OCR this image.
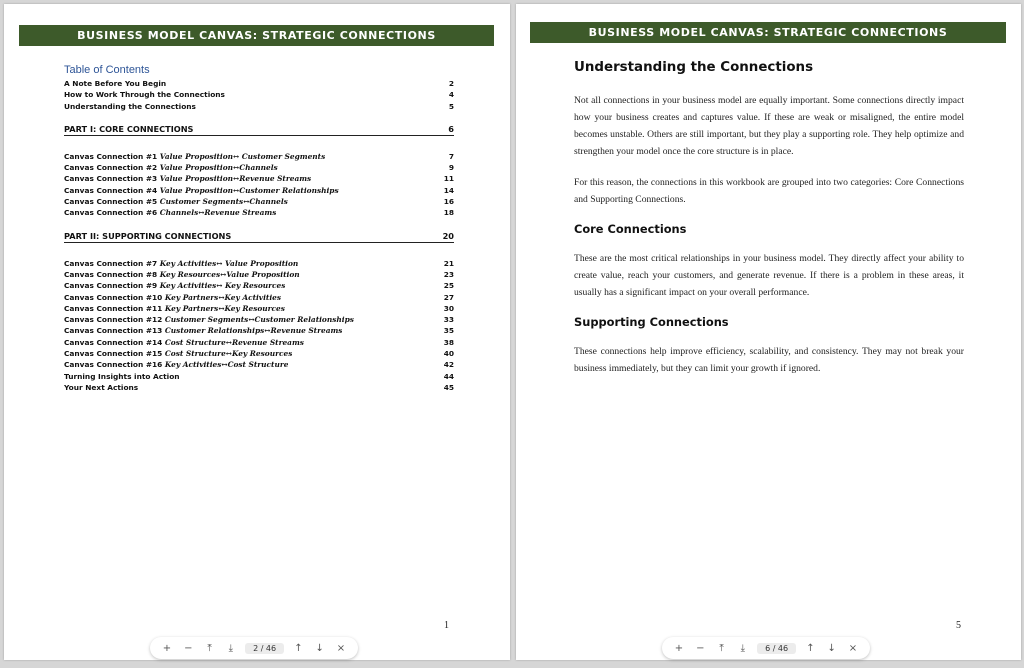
BUSINESS MODEL CANVAS: STRATEGIC CONNECTIONS
Table of Contents
A Note Before You Begin	2
How to Work Through the Connections	4
Understanding the Connections	5
PART I: CORE CONNECTIONS	6
Canvas Connection #1 Value Proposition↔ Customer Segments	7
Canvas Connection #2 Value Proposition↔Channels	9
Canvas Connection #3 Value Proposition↔Revenue Streams	11
Canvas Connection #4 Value Proposition↔Customer Relationships	14
Canvas Connection #5 Customer Segments↔Channels	16
Canvas Connection #6 Channels↔Revenue Streams	18
PART II: SUPPORTING CONNECTIONS	20
Canvas Connection #7 Key Activities↔ Value Proposition	21
Canvas Connection #8 Key Resources↔Value Proposition	23
Canvas Connection #9 Key Activities↔ Key Resources	25
Canvas Connection #10 Key Partners↔Key Activities	27
Canvas Connection #11 Key Partners↔Key Resources	30
Canvas Connection #12 Customer Segments↔Customer Relationships	33
Canvas Connection #13 Customer Relationships↔Revenue Streams	35
Canvas Connection #14 Cost Structure↔Revenue Streams	38
Canvas Connection #15 Cost Structure↔Key Resources	40
Canvas Connection #16 Key Activities↔Cost Structure	42
Turning Insights into Action	44
Your Next Actions	45
1
+ −	⤒	⤓	2 / 46	↑ ↓ ×
BUSINESS MODEL CANVAS: STRATEGIC CONNECTIONS
Understanding the Connections

Not all connections in your business model are equally important. Some connections directly impact how your business creates and captures value. If these are weak or misaligned, the entire model becomes unstable. Others are still important, but they play a supporting role. They help optimize and strengthen your model once the core structure is in place.

For this reason, the connections in this workbook are grouped into two categories: Core Connections and Supporting Connections.

Core Connections

These are the most critical relationships in your business model. They directly affect your ability to create value, reach your customers, and generate revenue. If there is a problem in these areas, it usually has a significant impact on your overall performance.

Supporting Connections

These connections help improve efficiency, scalability, and consistency. They may not break your business immediately, but they can limit your growth if ignored.

5
+ −	⤒	⤓	6 / 46	↑ ↓ ×
